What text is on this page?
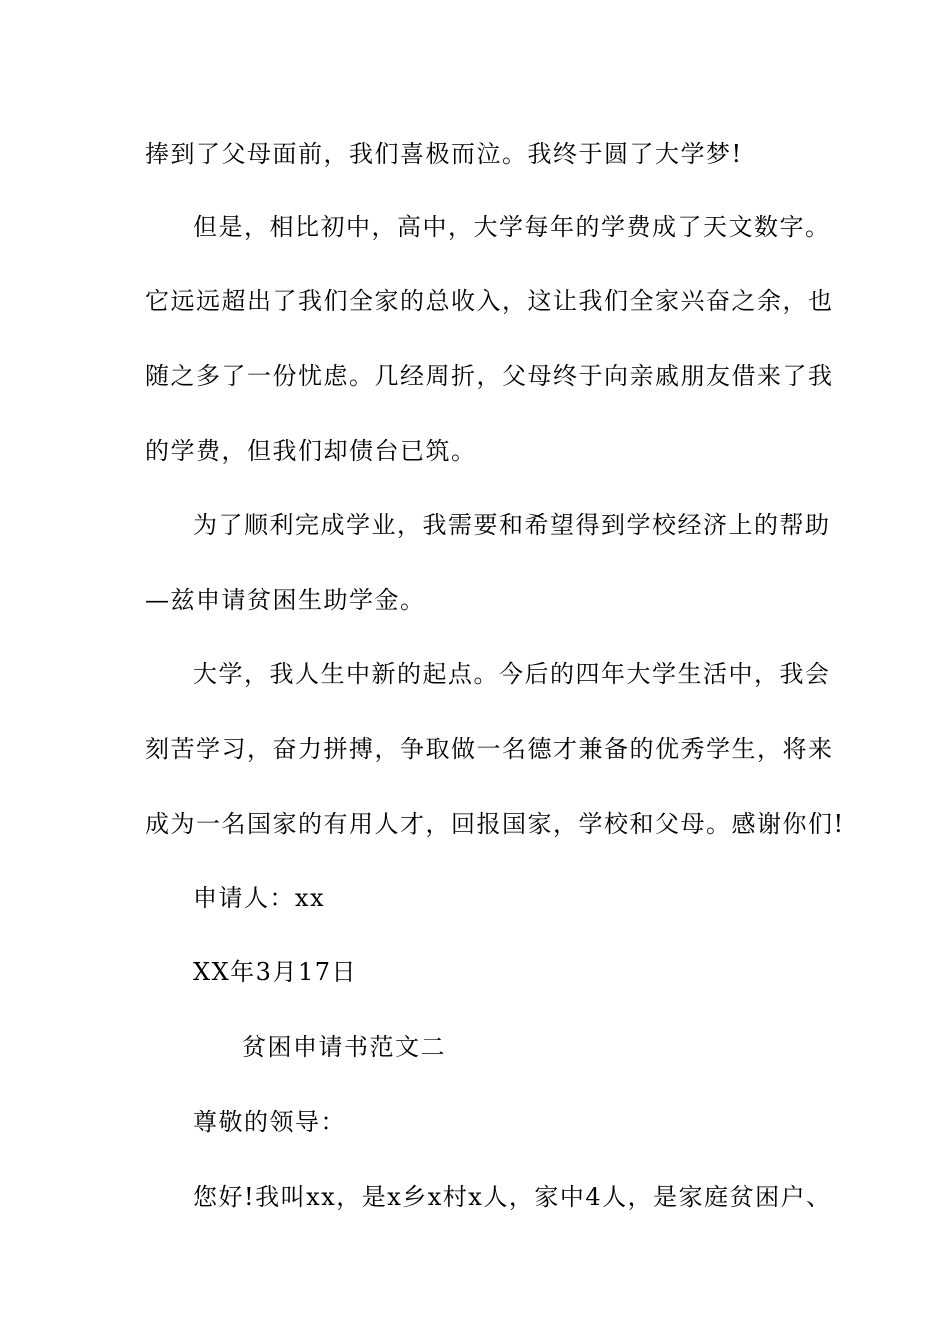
捧到了父母面前，我们喜极而泣。我终于圆了大学梦!
但是，相比初中，高中，大学每年的学费成了天文数字。
它远远超出了我们全家的总收入，这让我们全家兴奋之余，也
随之多了一份忧虑。几经周折，父母终于向亲戚朋友借来了我
的学费，但我们却债台已筑。
为了顺利完成学业，我需要和希望得到学校经济上的帮助
—兹申请贫困生助学金。
大学，我人生中新的起点。今后的四年大学生活中，我会
刻苦学习，奋力拼搏，争取做一名德才兼备的优秀学生，将来
成为一名国家的有用人才，回报国家，学校和父母。感谢你们!
申请人：xx
XX年3月17日
贫困申请书范文二
尊敬的领导：
您好!我叫xx，是x乡x村x人，家中4人，是家庭贫困户、
